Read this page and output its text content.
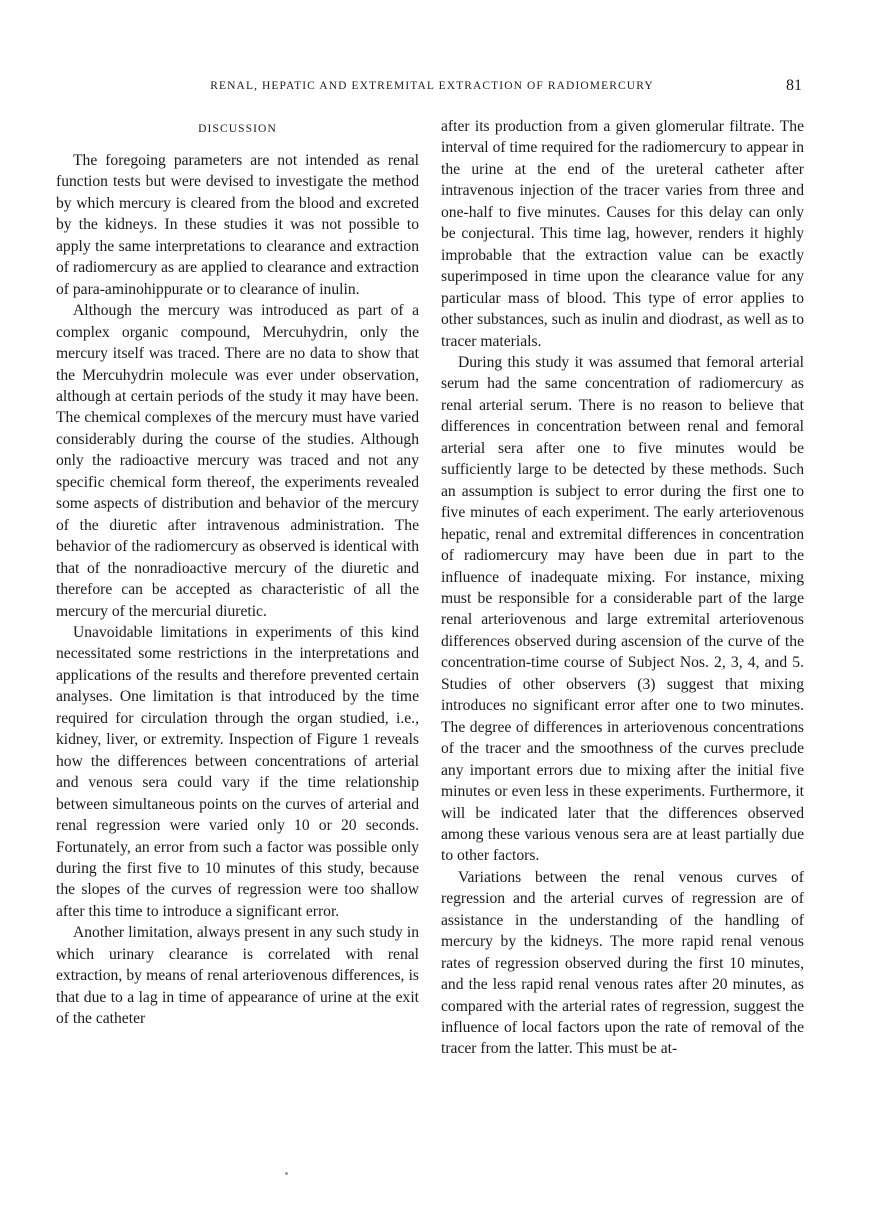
RENAL, HEPATIC AND EXTREMITAL EXTRACTION OF RADIOMERCURY	81
DISCUSSION

The foregoing parameters are not intended as renal function tests but were devised to investigate the method by which mercury is cleared from the blood and excreted by the kidneys. In these studies it was not possible to apply the same interpretations to clearance and extraction of radiomercury as are applied to clearance and extraction of para-aminohippurate or to clearance of inulin.

Although the mercury was introduced as part of a complex organic compound, Mercuhydrin, only the mercury itself was traced. There are no data to show that the Mercuhydrin molecule was ever under observation, although at certain periods of the study it may have been. The chemical complexes of the mercury must have varied considerably during the course of the studies. Although only the radioactive mercury was traced and not any specific chemical form thereof, the experiments revealed some aspects of distribution and behavior of the mercury of the diuretic after intravenous administration. The behavior of the radiomercury as observed is identical with that of the nonradioactive mercury of the diuretic and therefore can be accepted as characteristic of all the mercury of the mercurial diuretic.

Unavoidable limitations in experiments of this kind necessitated some restrictions in the interpretations and applications of the results and therefore prevented certain analyses. One limitation is that introduced by the time required for circulation through the organ studied, i.e., kidney, liver, or extremity. Inspection of Figure 1 reveals how the differences between concentrations of arterial and venous sera could vary if the time relationship between simultaneous points on the curves of arterial and renal regression were varied only 10 or 20 seconds. Fortunately, an error from such a factor was possible only during the first five to 10 minutes of this study, because the slopes of the curves of regression were too shallow after this time to introduce a significant error.

Another limitation, always present in any such study in which urinary clearance is correlated with renal extraction, by means of renal arteriovenous differences, is that due to a lag in time of appearance of urine at the exit of the catheter

after its production from a given glomerular filtrate. The interval of time required for the radiomercury to appear in the urine at the end of the ureteral catheter after intravenous injection of the tracer varies from three and one-half to five minutes. Causes for this delay can only be conjectural. This time lag, however, renders it highly improbable that the extraction value can be exactly superimposed in time upon the clearance value for any particular mass of blood. This type of error applies to other substances, such as inulin and diodrast, as well as to tracer materials.

During this study it was assumed that femoral arterial serum had the same concentration of radiomercury as renal arterial serum. There is no reason to believe that differences in concentration between renal and femoral arterial sera after one to five minutes would be sufficiently large to be detected by these methods. Such an assumption is subject to error during the first one to five minutes of each experiment. The early arteriovenous hepatic, renal and extremital differences in concentration of radiomercury may have been due in part to the influence of inadequate mixing. For instance, mixing must be responsible for a considerable part of the large renal arteriovenous and large extremital arteriovenous differences observed during ascension of the curve of the concentration-time course of Subject Nos. 2, 3, 4, and 5. Studies of other observers (3) suggest that mixing introduces no significant error after one to two minutes. The degree of differences in arteriovenous concentrations of the tracer and the smoothness of the curves preclude any important errors due to mixing after the initial five minutes or even less in these experiments. Furthermore, it will be indicated later that the differences observed among these various venous sera are at least partially due to other factors.

Variations between the renal venous curves of regression and the arterial curves of regression are of assistance in the understanding of the handling of mercury by the kidneys. The more rapid renal venous rates of regression observed during the first 10 minutes, and the less rapid renal venous rates after 20 minutes, as compared with the arterial rates of regression, suggest the influence of local factors upon the rate of removal of the tracer from the latter. This must be at-
